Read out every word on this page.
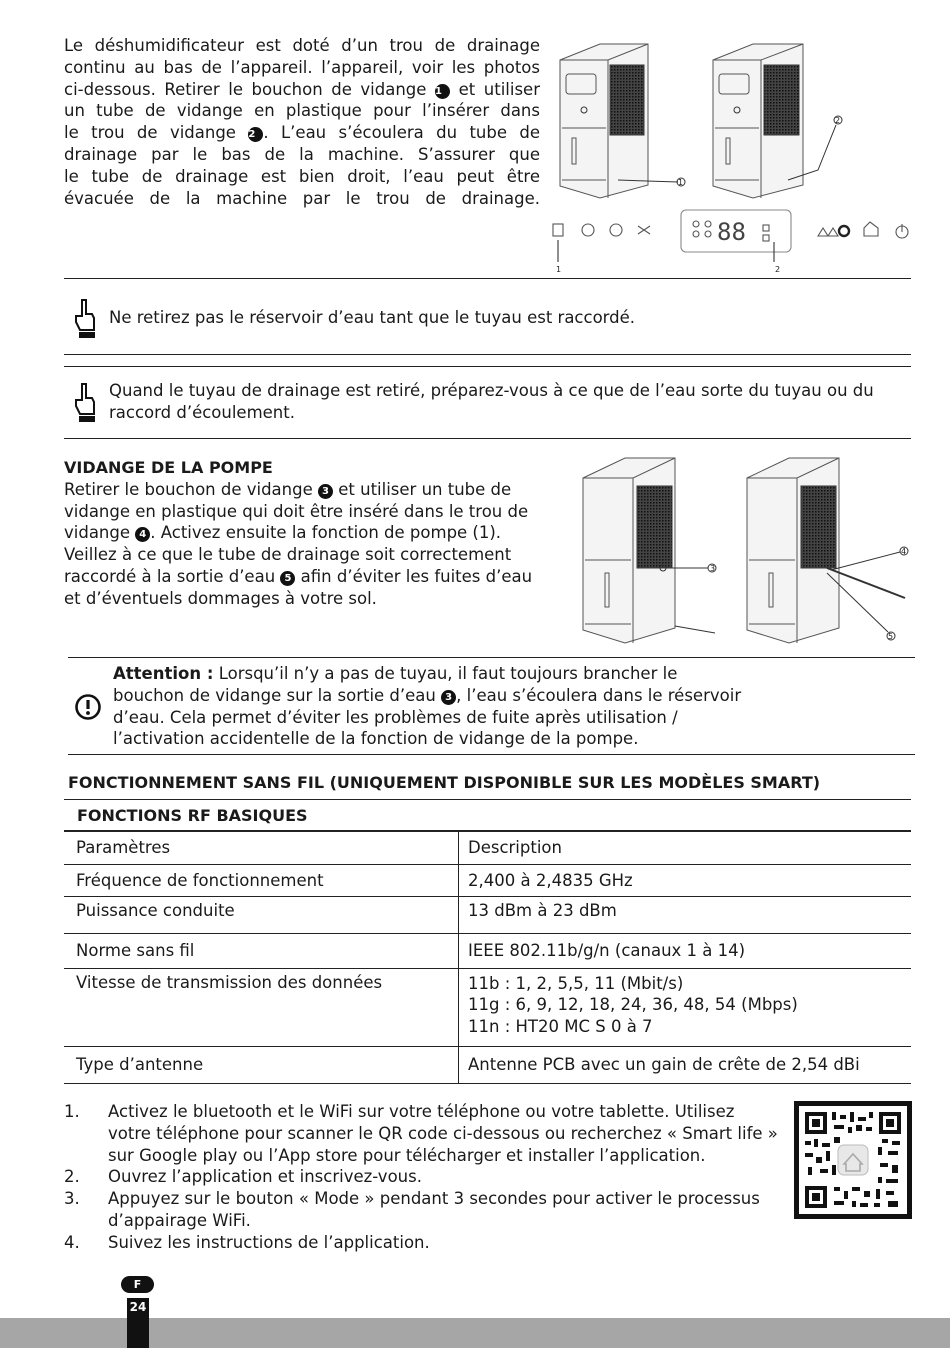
Le déshumidificateur est doté d’un trou de drainage
continu au bas de l’appareil. l’appareil, voir les photos
ci-dessous. Retirer le bouchon de vidange 1 et utiliser
un tube de vidange en plastique pour l’insérer dans
le trou de vidange 2 . L’eau s’écoulera du tube de
drainage par le bas de la machine. S’assurer que
le tube de drainage est bien droit, l’eau peut être
évacuée de la machine par le trou de drainage.
1
2
88
1	2
Ne retirez pas le réservoir d’eau tant que le tuyau est raccordé.
Quand le tuyau de drainage est retiré, préparez-vous à ce que de l’eau sorte du tuyau ou du raccord d’écoulement.
VIDANGE DE LA POMPE
Retirer le bouchon de vidange 3 et utiliser un tube de
vidange en plastique qui doit être inséré dans le trou de
vidange 4 . Activez ensuite la fonction de pompe (1).
Veillez à ce que le tube de drainage soit correctement
raccordé à la sortie d’eau 5 afin d’éviter les fuites d’eau
et d’éventuels dommages à votre sol.
3
4
5
Attention : Lorsqu’il n’y a pas de tuyau, il faut toujours brancher le
bouchon de vidange sur la sortie d’eau 3 , l’eau s’écoulera dans le réservoir
d’eau. Cela permet d’éviter les problèmes de fuite après utilisation /
l’activation accidentelle de la fonction de vidange de la pompe.
FONCTIONNEMENT SANS FIL (UNIQUEMENT DISPONIBLE SUR LES MODÈLES SMART)
FONCTIONS RF BASIQUES
Paramètres	Description
Fréquence de fonctionnement	2,400 à 2,4835 GHz
Puissance conduite	13 dBm à 23 dBm
Norme sans fil	IEEE 802.11b/g/n (canaux 1 à 14)
Vitesse de transmission des données	11b : 1, 2, 5,5, 11 (Mbit/s)
11g : 6, 9, 12, 18, 24, 36, 48, 54 (Mbps)
11n : HT20 MC S 0 à 7

Type d’antenne	Antenne PCB avec un gain de crête de 2,54 dBi
1.	Activez le bluetooth et le WiFi sur votre téléphone ou votre tablette. Utilisez
votre téléphone pour scanner le QR code ci-dessous ou recherchez « Smart life »
sur Google play ou l’App store pour télécharger et installer l’application.
2.	Ouvrez l’application et inscrivez-vous.
3.	Appuyez sur le bouton « Mode » pendant 3 secondes pour activer le processus
d’appairage WiFi.
4.	Suivez les instructions de l’application.
F
24
